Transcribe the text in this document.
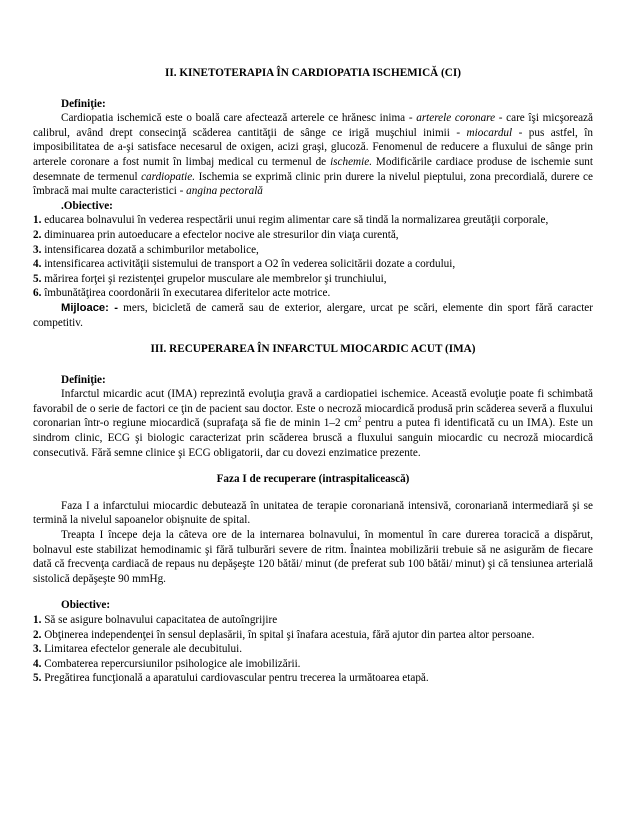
II. KINETOTERAPIA ÎN CARDIOPATIA ISCHEMICĂ (CI)

Definiţie:

Cardiopatia ischemică este o boală care afectează arterele ce hrănesc inima - arterele coronare - care îşi micşorează calibrul, având drept consecinţă scăderea cantităţii de sânge ce irigă muşchiul inimii - miocardul - pus astfel, în imposibilitatea de a-şi satisface necesarul de oxigen, acizi graşi, glucoză. Fenomenul de reducere a fluxului de sânge prin arterele coronare a fost numit în limbaj medical cu termenul de ischemie. Modificările cardiace produse de ischemie sunt desemnate de termenul cardiopatie. Ischemia se exprimă clinic prin durere la nivelul pieptului, zona precordială, durere ce îmbracă mai multe caracteristici - angina pectorală

.Obiective:

1. educarea bolnavului în vederea respectării unui regim alimentar care să tindă la normalizarea greutăţii corporale,

2. diminuarea prin autoeducare a efectelor nocive ale stresurilor din viaţa curentă,

3. intensificarea dozată a schimburilor metabolice,

4. intensificarea activităţii sistemului de transport a O2 în vederea solicitării dozate a cordului,

5. mărirea forţei şi rezistenţei grupelor musculare ale membrelor şi trunchiului,

6. îmbunătăţirea coordonării în executarea diferitelor acte motrice.

Mijloace: - mers, bicicletă de cameră sau de exterior, alergare, urcat pe scări, elemente din sport fără caracter competitiv.

III. RECUPERAREA ÎN INFARCTUL MIOCARDIC ACUT (IMA)

Definiţie:

Infarctul micardic acut (IMA) reprezintă evoluţia gravă a cardiopatiei ischemice. Această evoluţie poate fi schimbată favorabil de o serie de factori ce ţin de pacient sau doctor. Este o necroză miocardică produsă prin scăderea severă a fluxului coronarian într-o regiune miocardică (suprafaţa să fie de minin 1–2 $cm^2$ pentru a putea fi identificată cu un IMA). Este un sindrom clinic, ECG şi biologic caracterizat prin scăderea bruscă a fluxului sanguin miocardic cu necroză miocardică consecutivă. Fără semne clinice şi ECG obligatorii, dar cu dovezi enzimatice prezente.

Faza I de recuperare (intraspitalicească)

Faza I a infarctului miocardic debutează în unitatea de terapie coronariană intensivă, coronariană intermediară şi se termină la nivelul sapoanelor obişnuite de spital.

Treapta I începe deja la câteva ore de la internarea bolnavului, în momentul în care durerea toracică a dispărut, bolnavul este stabilizat hemodinamic şi fără tulburări severe de ritm. Înaintea mobilizării trebuie să ne asigurăm de fiecare dată că frecvenţa cardiacă de repaus nu depăşeşte 120 bătăi/ minut (de preferat sub 100 bătăi/ minut) şi că tensiunea arterială sistolică depăşeşte 90 mmHg.

Obiective:

1. Să se asigure bolnavului capacitatea de autoîngrijire

2. Obţinerea independenţei în sensul deplasării, în spital şi înafara acestuia, fără ajutor din partea altor persoane.

3. Limitarea efectelor generale ale decubitului.

4. Combaterea repercursiunilor psihologice ale imobilizării.

5. Pregătirea funcţională a aparatului cardiovascular pentru trecerea la următoarea etapă.
